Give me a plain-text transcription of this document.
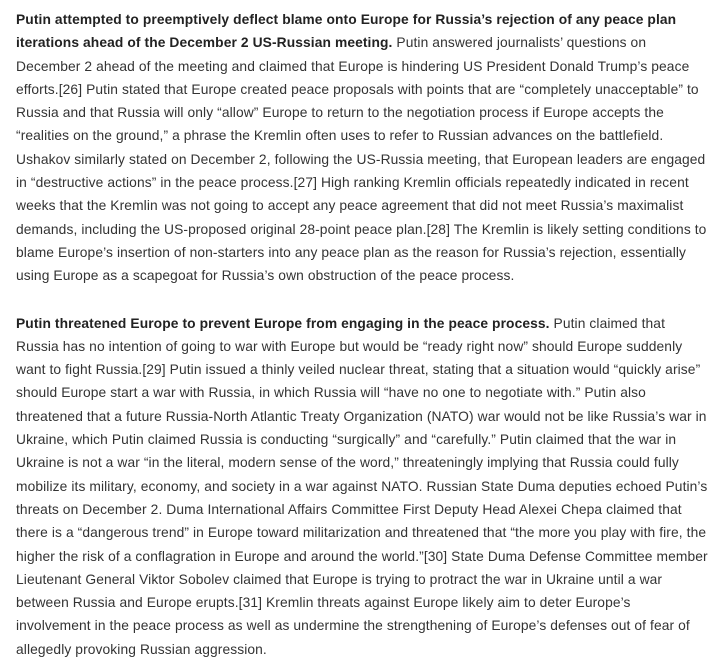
Putin attempted to preemptively deflect blame onto Europe for Russia’s rejection of any peace plan iterations ahead of the December 2 US-Russian meeting. Putin answered journalists’ questions on December 2 ahead of the meeting and claimed that Europe is hindering US President Donald Trump’s peace efforts.[26] Putin stated that Europe created peace proposals with points that are “completely unacceptable” to Russia and that Russia will only “allow” Europe to return to the negotiation process if Europe accepts the “realities on the ground,” a phrase the Kremlin often uses to refer to Russian advances on the battlefield. Ushakov similarly stated on December 2, following the US-Russia meeting, that European leaders are engaged in “destructive actions” in the peace process.[27] High ranking Kremlin officials repeatedly indicated in recent weeks that the Kremlin was not going to accept any peace agreement that did not meet Russia’s maximalist demands, including the US-proposed original 28-point peace plan.[28] The Kremlin is likely setting conditions to blame Europe’s insertion of non-starters into any peace plan as the reason for Russia’s rejection, essentially using Europe as a scapegoat for Russia’s own obstruction of the peace process.

Putin threatened Europe to prevent Europe from engaging in the peace process. Putin claimed that Russia has no intention of going to war with Europe but would be “ready right now” should Europe suddenly want to fight Russia.[29] Putin issued a thinly veiled nuclear threat, stating that a situation would “quickly arise” should Europe start a war with Russia, in which Russia will “have no one to negotiate with.” Putin also threatened that a future Russia-North Atlantic Treaty Organization (NATO) war would not be like Russia’s war in Ukraine, which Putin claimed Russia is conducting “surgically” and “carefully.” Putin claimed that the war in Ukraine is not a war “in the literal, modern sense of the word,” threateningly implying that Russia could fully mobilize its military, economy, and society in a war against NATO. Russian State Duma deputies echoed Putin’s threats on December 2. Duma International Affairs Committee First Deputy Head Alexei Chepa claimed that there is a “dangerous trend” in Europe toward militarization and threatened that “the more you play with fire, the higher the risk of a conflagration in Europe and around the world.”[30] State Duma Defense Committee member Lieutenant General Viktor Sobolev claimed that Europe is trying to protract the war in Ukraine until a war between Russia and Europe erupts.[31] Kremlin threats against Europe likely aim to deter Europe’s involvement in the peace process as well as undermine the strengthening of Europe’s defenses out of fear of allegedly provoking Russian aggression.
